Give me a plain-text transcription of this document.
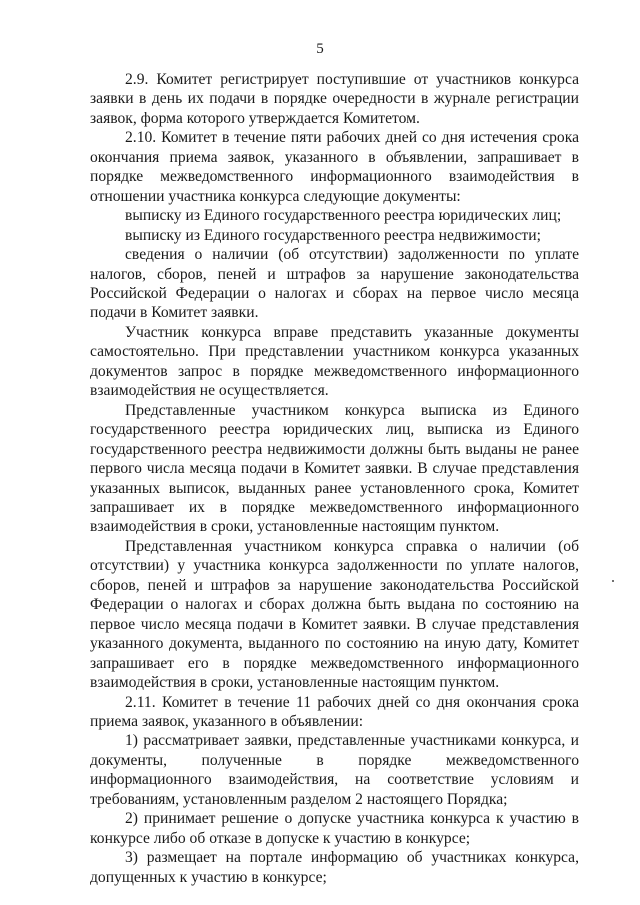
5

2.9. Комитет регистрирует поступившие от участников конкурса заявки в день их подачи в порядке очередности в журнале регистрации заявок, форма которого утверждается Комитетом.

2.10. Комитет в течение пяти рабочих дней со дня истечения срока окончания приема заявок, указанного в объявлении, запрашивает в порядке межведомственного информационного взаимодействия в отношении участника конкурса следующие документы:

выписку из Единого государственного реестра юридических лиц;

выписку из Единого государственного реестра недвижимости;

сведения о наличии (об отсутствии) задолженности по уплате налогов, сборов, пеней и штрафов за нарушение законодательства Российской Федерации о налогах и сборах на первое число месяца подачи в Комитет заявки.

Участник конкурса вправе представить указанные документы самостоятельно. При представлении участником конкурса указанных документов запрос в порядке межведомственного информационного взаимодействия не осуществляется.

Представленные участником конкурса выписка из Единого государственного реестра юридических лиц, выписка из Единого государственного реестра недвижимости должны быть выданы не ранее первого числа месяца подачи в Комитет заявки. В случае представления указанных выписок, выданных ранее установленного срока, Комитет запрашивает их в порядке межведомственного информационного взаимодействия в сроки, установленные настоящим пунктом.

Представленная участником конкурса справка о наличии (об отсутствии) у участника конкурса задолженности по уплате налогов, сборов, пеней и штрафов за нарушение законодательства Российской Федерации о налогах и сборах должна быть выдана по состоянию на первое число месяца подачи в Комитет заявки. В случае представления указанного документа, выданного по состоянию на иную дату, Комитет запрашивает его в порядке межведомственного информационного взаимодействия в сроки, установленные настоящим пунктом.

2.11. Комитет в течение 11 рабочих дней со дня окончания срока приема заявок, указанного в объявлении:

1) рассматривает заявки, представленные участниками конкурса, и документы, полученные в порядке межведомственного информационного взаимодействия, на соответствие условиям и требованиям, установленным разделом 2 настоящего Порядка;

2) принимает решение о допуске участника конкурса к участию в конкурсе либо об отказе в допуске к участию в конкурсе;

3) размещает на портале информацию об участниках конкурса, допущенных к участию в конкурсе;
